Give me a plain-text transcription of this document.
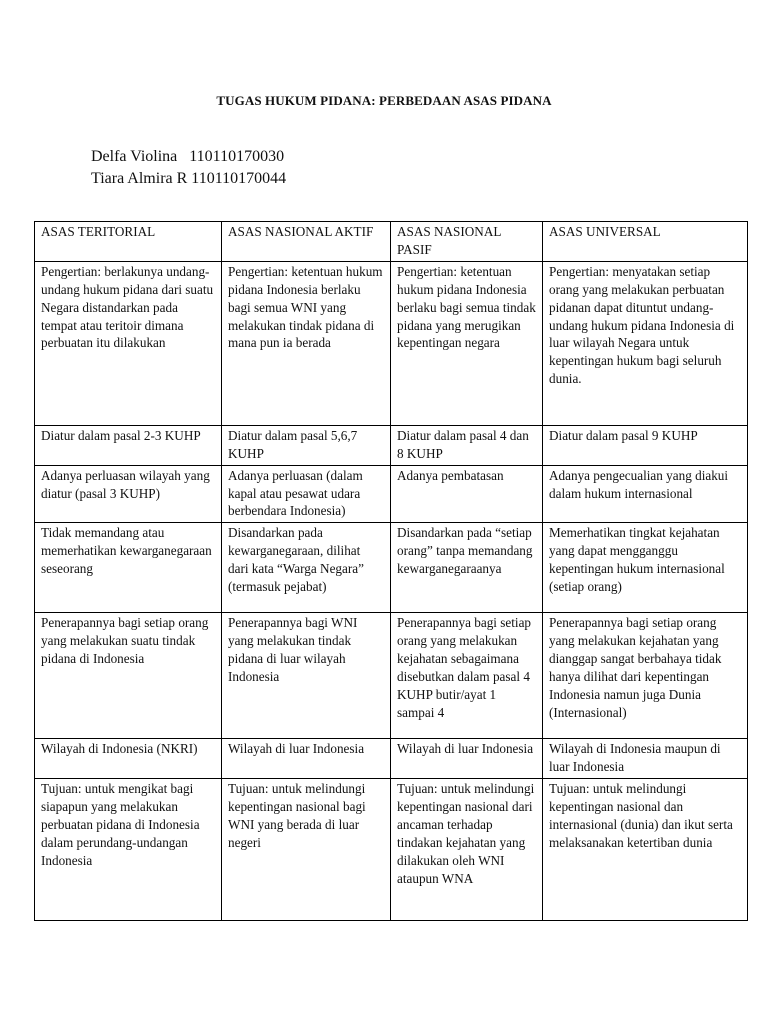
TUGAS HUKUM PIDANA: PERBEDAAN ASAS PIDANA
Delfa Violina   110110170030
Tiara Almira R 110110170044
ASAS TERITORIAL	ASAS NASIONAL AKTIF	ASAS NASIONAL PASIF	ASAS UNIVERSAL
Pengertian: berlakunya undang-undang hukum pidana dari suatu Negara distandarkan pada tempat atau teritoir dimana perbuatan itu dilakukan	Pengertian: ketentuan hukum pidana Indonesia berlaku bagi semua WNI yang melakukan tindak pidana di mana pun ia berada	Pengertian: ketentuan hukum pidana Indonesia berlaku bagi semua tindak pidana yang merugikan kepentingan negara	Pengertian: menyatakan setiap orang yang melakukan perbuatan pidanan dapat dituntut undang-undang hukum pidana Indonesia di luar wilayah Negara untuk kepentingan hukum bagi seluruh dunia.
Diatur dalam pasal 2-3 KUHP	Diatur dalam pasal 5,6,7 KUHP	Diatur dalam pasal 4 dan 8 KUHP	Diatur dalam pasal 9 KUHP
Adanya perluasan wilayah yang diatur (pasal 3 KUHP)	Adanya perluasan (dalam kapal atau pesawat udara berbendara Indonesia)	Adanya pembatasan	Adanya pengecualian yang diakui dalam hukum internasional
Tidak memandang atau memerhatikan kewarganegaraan seseorang	Disandarkan pada kewarganegaraan, dilihat dari kata “Warga Negara” (termasuk pejabat)	Disandarkan pada “setiap orang” tanpa memandang kewarganegaraanya	Memerhatikan tingkat kejahatan yang dapat mengganggu kepentingan hukum internasional (setiap orang)
Penerapannya bagi setiap orang yang melakukan suatu tindak pidana di Indonesia	Penerapannya bagi WNI yang melakukan tindak pidana di luar wilayah Indonesia	Penerapannya bagi setiap orang yang melakukan kejahatan sebagaimana disebutkan dalam pasal 4 KUHP butir/ayat 1 sampai 4	Penerapannya bagi setiap orang yang melakukan kejahatan yang dianggap sangat berbahaya tidak hanya dilihat dari kepentingan Indonesia namun juga Dunia (Internasional)
Wilayah di Indonesia (NKRI)	Wilayah di luar Indonesia	Wilayah di luar Indonesia	Wilayah di Indonesia maupun di luar Indonesia
Tujuan: untuk mengikat bagi siapapun yang melakukan perbuatan pidana di Indonesia dalam perundang-undangan Indonesia	Tujuan: untuk melindungi kepentingan nasional bagi WNI yang berada di luar negeri	Tujuan: untuk melindungi kepentingan nasional dari ancaman terhadap tindakan kejahatan yang dilakukan oleh WNI ataupun WNA	Tujuan: untuk melindungi kepentingan nasional dan internasional (dunia) dan ikut serta melaksanakan ketertiban dunia
